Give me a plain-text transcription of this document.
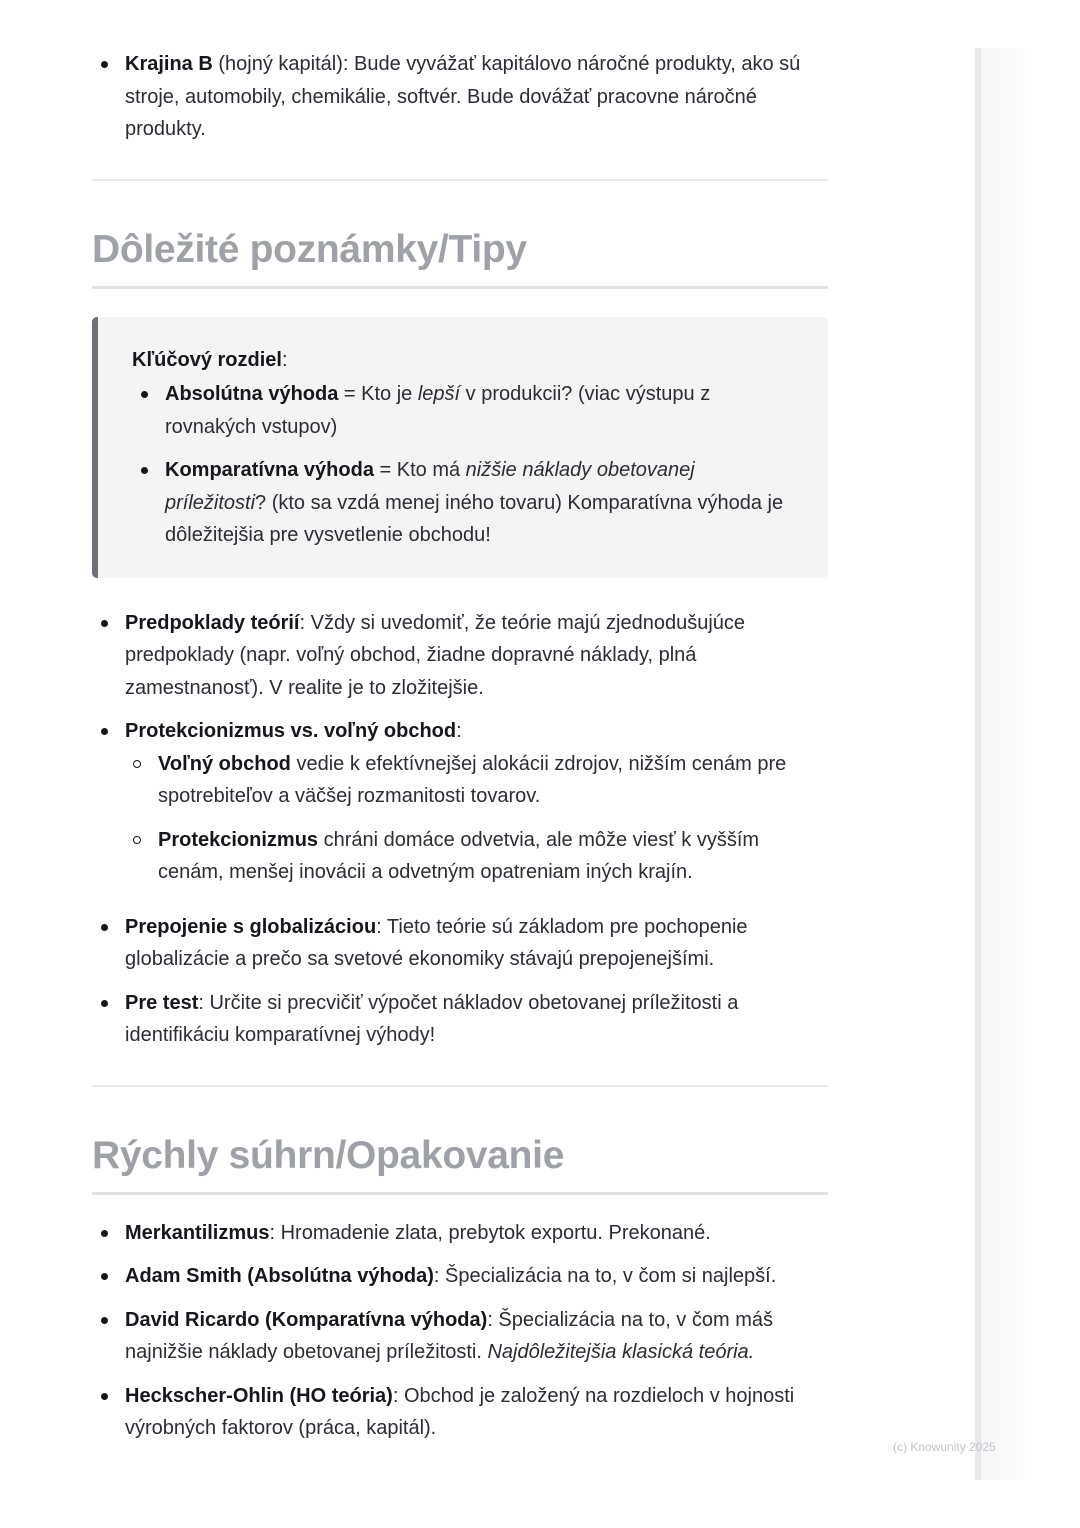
Krajina B (hojný kapitál): Bude vyvážať kapitálovo náročné produkty, ako sú stroje, automobily, chemikálie, softvér. Bude dovážať pracovne náročné produkty.
Dôležité poznámky/Tipy
Kľúčový rozdiel:
Absolútna výhoda = Kto je lepší v produkcii? (viac výstupu z rovnakých vstupov)
Komparatívna výhoda = Kto má nižšie náklady obetovanej príležitosti? (kto sa vzdá menej iného tovaru) Komparatívna výhoda je dôležitejšia pre vysvetlenie obchodu!
Predpoklady teórií: Vždy si uvedomiť, že teórie majú zjednodušujúce predpoklady (napr. voľný obchod, žiadne dopravné náklady, plná zamestnanosť). V realite je to zložitejšie.
Protekcionizmus vs. voľný obchod:
Voľný obchod vedie k efektívnejšej alokácii zdrojov, nižším cenám pre spotrebiteľov a väčšej rozmanitosti tovarov.
Protekcionizmus chráni domáce odvetvia, ale môže viesť k vyšším cenám, menšej inovácii a odvetným opatreniam iných krajín.
Prepojenie s globalizáciou: Tieto teórie sú základom pre pochopenie globalizácie a prečo sa svetové ekonomiky stávajú prepojenejšími.
Pre test: Určite si precvičiť výpočet nákladov obetovanej príležitosti a identifikáciu komparatívnej výhody!
Rýchly súhrn/Opakovanie
Merkantilizmus: Hromadenie zlata, prebytok exportu. Prekonané.
Adam Smith (Absolútna výhoda): Špecializácia na to, v čom si najlepší.
David Ricardo (Komparatívna výhoda): Špecializácia na to, v čom máš najnižšie náklady obetovanej príležitosti. Najdôležitejšia klasická teória.
Heckscher-Ohlin (HO teória): Obchod je založený na rozdieloch v hojnosti výrobných faktorov (práca, kapitál).
(c) Knowunity 2025
